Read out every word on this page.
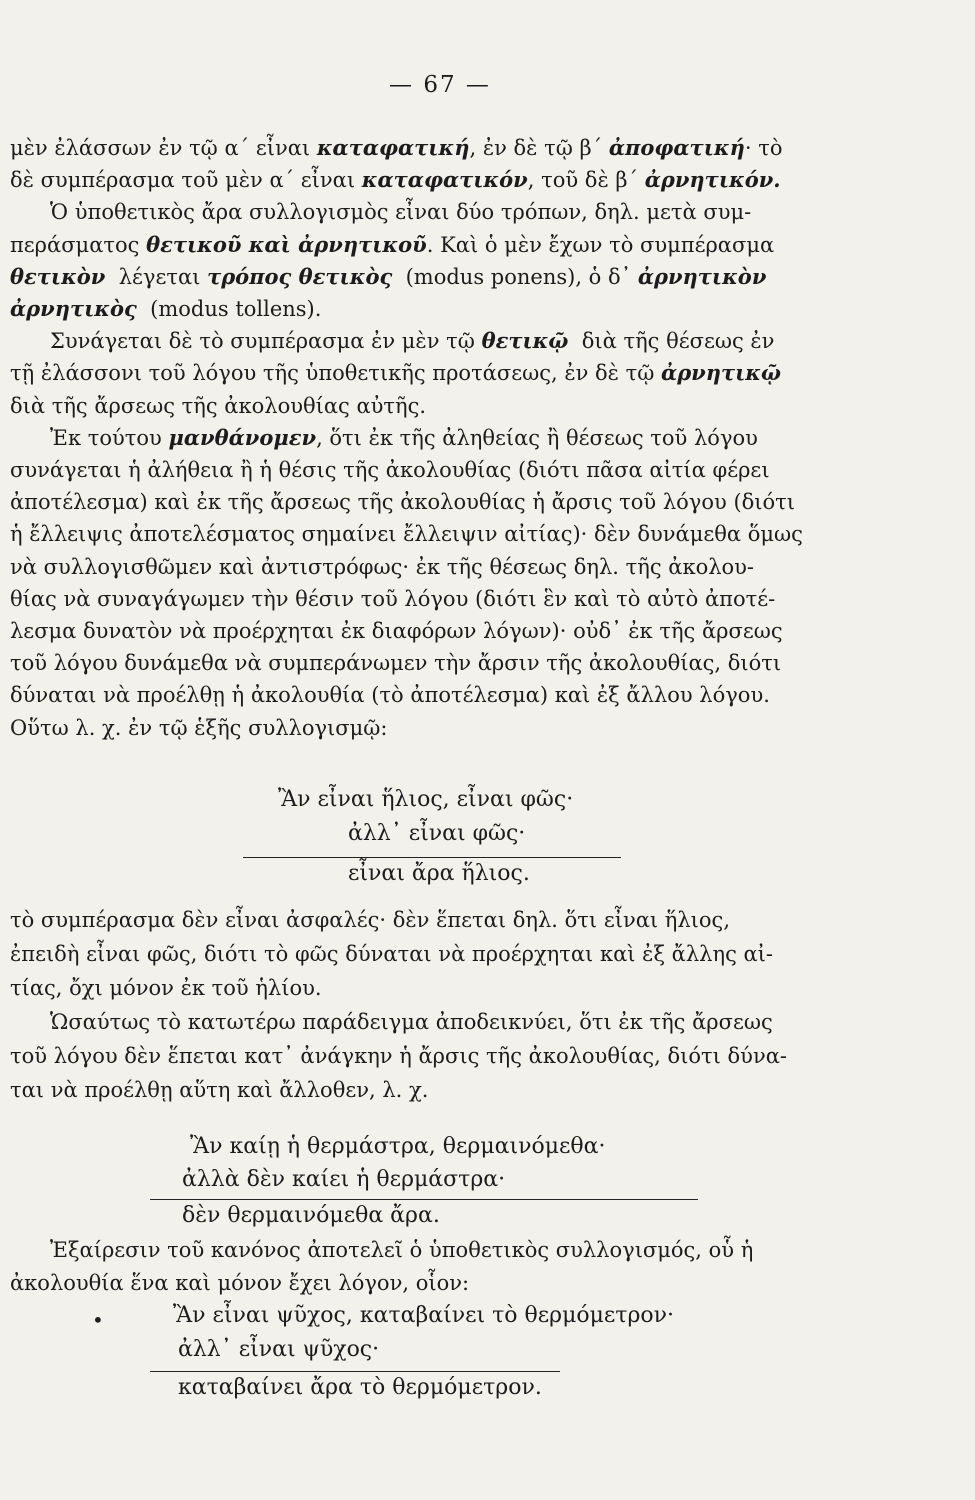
— 67 —
μὲν ἐλάσσων ἐν τῷ α΄ εἶναι καταφατική, ἐν δὲ τῷ β΄ ἀποφατική· τὸ
δὲ συμπέρασμα τοῦ μὲν α΄ εἶναι καταφατικόν, τοῦ δὲ β΄ ἀρνητικόν.
Ὁ ὑποθετικὸς ἄρα συλλογισμὸς εἶναι δύο τρόπων, δηλ. μετὰ συμ-
περάσματος θετικοῦ καὶ ἀρνητικοῦ. Καὶ ὁ μὲν ἔχων τὸ συμπέρασμα
θετικὸν  λέγεται τρόπος θετικὸς  (modus ponens), ὁ δ᾿ ἀρνητικὸν
ἀρνητικὸς  (modus tollens).
Συνάγεται δὲ τὸ συμπέρασμα ἐν μὲν τῷ θετικῷ  διὰ τῆς θέσεως ἐν
τῇ ἐλάσσονι τοῦ λόγου τῆς ὑποθετικῆς προτάσεως, ἐν δὲ τῷ ἀρνητικῷ
διὰ τῆς ἄρσεως τῆς ἀκολουθίας αὐτῆς.
Ἐκ τούτου μανθάνομεν, ὅτι ἐκ τῆς ἀληθείας ἢ θέσεως τοῦ λόγου
συνάγεται ἡ ἀλήθεια ἢ ἡ θέσις τῆς ἀκολουθίας (διότι πᾶσα αἰτία φέρει
ἀποτέλεσμα) καὶ ἐκ τῆς ἄρσεως τῆς ἀκολουθίας ἡ ἄρσις τοῦ λόγου (διότι
ἡ ἔλλειψις ἀποτελέσματος σημαίνει ἔλλειψιν αἰτίας)· δὲν δυνάμεθα ὅμως
νὰ συλλογισθῶμεν καὶ ἀντιστρόφως· ἐκ τῆς θέσεως δηλ. τῆς ἀκολου-
θίας νὰ συναγάγωμεν τὴν θέσιν τοῦ λόγου (διότι ἓν καὶ τὸ αὐτὸ ἀποτέ-
λεσμα δυνατὸν νὰ προέρχηται ἐκ διαφόρων λόγων)· οὐδ᾿ ἐκ τῆς ἄρσεως
τοῦ λόγου δυνάμεθα νὰ συμπεράνωμεν τὴν ἄρσιν τῆς ἀκολουθίας, διότι
δύναται νὰ προέλθῃ ἡ ἀκολουθία (τὸ ἀποτέλεσμα) καὶ ἐξ ἄλλου λόγου.
Οὕτω λ. χ. ἐν τῷ ἑξῆς συλλογισμῷ:
Ἂν εἶναι ἥλιος, εἶναι φῶς·
ἀλλ᾿ εἶναι φῶς·
εἶναι ἄρα ἥλιος.
τὸ συμπέρασμα δὲν εἶναι ἀσφαλές· δὲν ἕπεται δηλ. ὅτι εἶναι ἥλιος,
ἐπειδὴ εἶναι φῶς, διότι τὸ φῶς δύναται νὰ προέρχηται καὶ ἐξ ἄλλης αἰ-
τίας, ὄχι μόνον ἐκ τοῦ ἡλίου.
Ὡσαύτως τὸ κατωτέρω παράδειγμα ἀποδεικνύει, ὅτι ἐκ τῆς ἄρσεως
τοῦ λόγου δὲν ἕπεται κατ᾿ ἀνάγκην ἡ ἄρσις τῆς ἀκολουθίας, διότι δύνα-
ται νὰ προέλθῃ αὕτη καὶ ἄλλοθεν, λ. χ.
Ἂν καίῃ ἡ θερμάστρα, θερμαινόμεθα·
ἀλλὰ δὲν καίει ἡ θερμάστρα·
δὲν θερμαινόμεθα ἄρα.
Ἐξαίρεσιν τοῦ κανόνος ἀποτελεῖ ὁ ὑποθετικὸς συλλογισμός, οὗ ἡ
ἀκολουθία ἕνα καὶ μόνον ἔχει λόγον, οἷον:
•	Ἂν εἶναι ψῦχος, καταβαίνει τὸ θερμόμετρον·
ἀλλ᾿ εἶναι ψῦχος·
καταβαίνει ἄρα τὸ θερμόμετρον.
